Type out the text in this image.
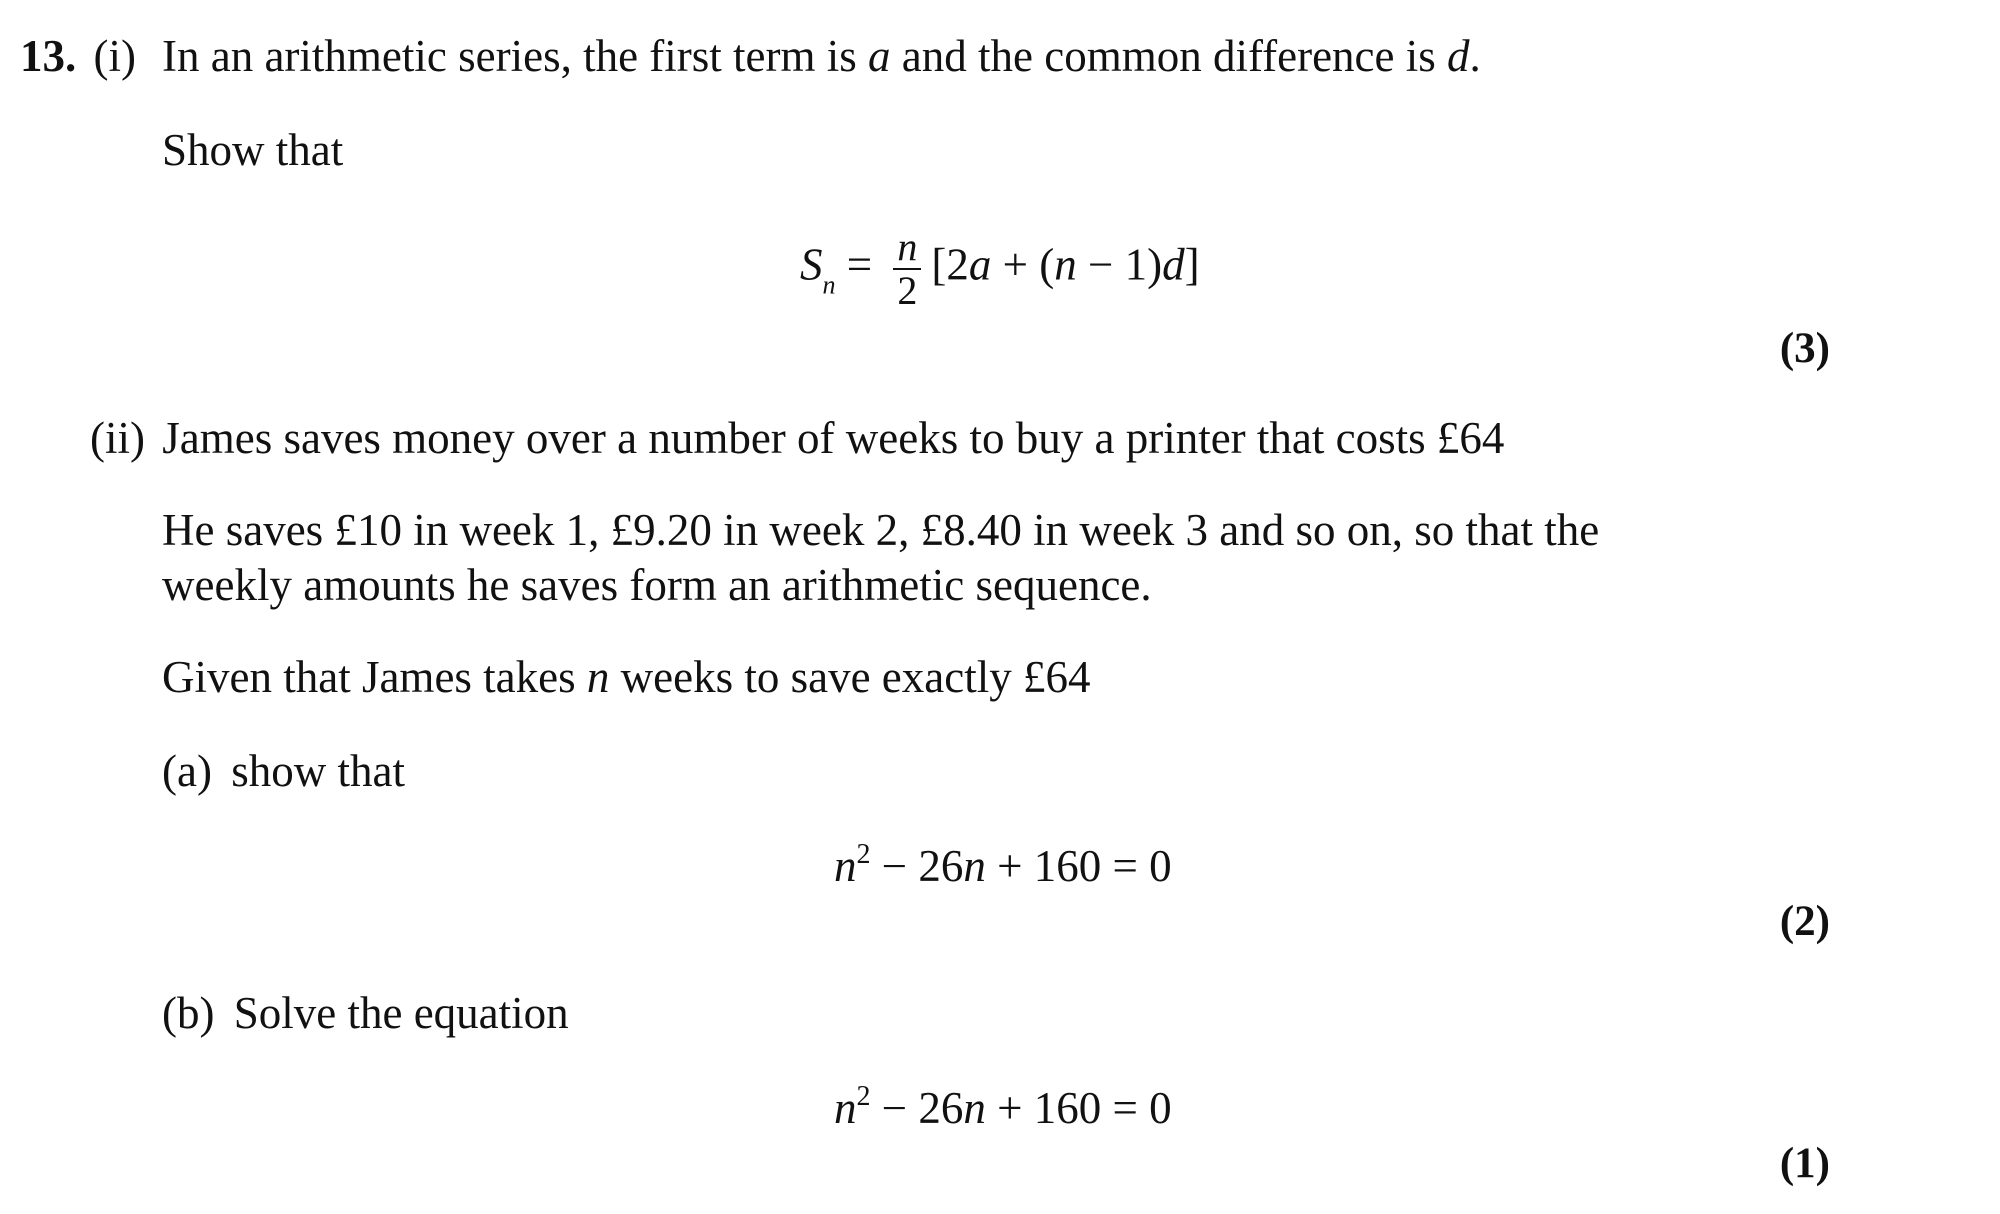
13. (i) In an arithmetic series, the first term is a and the common difference is d.
Show that
$S_n = \frac{n}{2} [2a + (n - 1)d]$
(3)
(ii) James saves money over a number of weeks to buy a printer that costs £64
He saves £10 in week 1, £9.20 in week 2, £8.40 in week 3 and so on, so that the
weekly amounts he saves form an arithmetic sequence.
Given that James takes n weeks to save exactly £64
(a) show that
$n^2 - 26n + 160 = 0$
(2)
(b) Solve the equation
$n^2 - 26n + 160 = 0$
(1)
